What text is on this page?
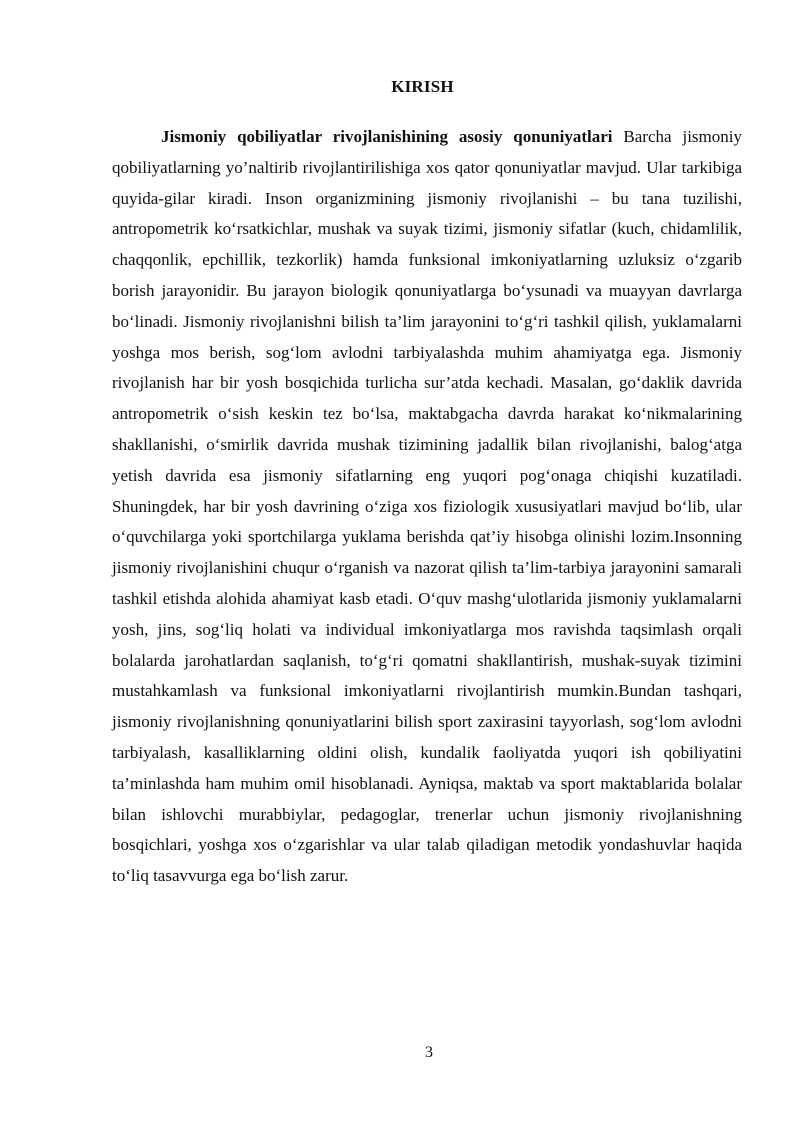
KIRISH

Jismoniy qobiliyatlar rivojlanishining asosiy qonuniyatlari Barcha jismoniy qobiliyatlarning yo’naltirib rivojlantirilishiga xos qator qonuniyatlar mavjud. Ular tarkibiga quyida-gilar kiradi. Inson organizmining jismoniy rivojlanishi – bu tana tuzilishi, antropometrik ko‘rsatkichlar, mushak va suyak tizimi, jismoniy sifatlar (kuch, chidamlilik, chaqqonlik, epchillik, tezkorlik) hamda funksional imkoniyatlarning uzluksiz o‘zgarib borish jarayonidir. Bu jarayon biologik qonuniyatlarga bo‘ysunadi va muayyan davrlarga bo‘linadi. Jismoniy rivojlanishni bilish ta’lim jarayonini to‘g‘ri tashkil qilish, yuklamalarni yoshga mos berish, sog‘lom avlodni tarbiyalashda muhim ahamiyatga ega. Jismoniy rivojlanish har bir yosh bosqichida turlicha sur’atda kechadi. Masalan, go‘daklik davrida antropometrik o‘sish keskin tez bo‘lsa, maktabgacha davrda harakat ko‘nikmalarining shakllanishi, o‘smirlik davrida mushak tizimining jadallik bilan rivojlanishi, balog‘atga yetish davrida esa jismoniy sifatlarning eng yuqori pog‘onaga chiqishi kuzatiladi. Shuningdek, har bir yosh davrining o‘ziga xos fiziologik xususiyatlari mavjud bo‘lib, ular o‘quvchilarga yoki sportchilarga yuklama berishda qat’iy hisobga olinishi lozim.Insonning jismoniy rivojlanishini chuqur o‘rganish va nazorat qilish ta’lim-tarbiya jarayonini samarali tashkil etishda alohida ahamiyat kasb etadi. O‘quv mashg‘ulotlarida jismoniy yuklamalarni yosh, jins, sog‘liq holati va individual imkoniyatlarga mos ravishda taqsimlash orqali bolalarda jarohatlardan saqlanish, to‘g‘ri qomatni shakllantirish, mushak-suyak tizimini mustahkamlash va funksional imkoniyatlarni rivojlantirish mumkin.Bundan tashqari, jismoniy rivojlanishning qonuniyatlarini bilish sport zaxirasini tayyorlash, sog‘lom avlodni tarbiyalash, kasalliklarning oldini olish, kundalik faoliyatda yuqori ish qobiliyatini ta’minlashda ham muhim omil hisoblanadi. Ayniqsa, maktab va sport maktablarida bolalar bilan ishlovchi murabbiylar, pedagoglar, trenerlar uchun jismoniy rivojlanishning bosqichlari, yoshga xos o‘zgarishlar va ular talab qiladigan metodik yondashuvlar haqida to‘liq tasavvurga ega bo‘lish zarur.

3
